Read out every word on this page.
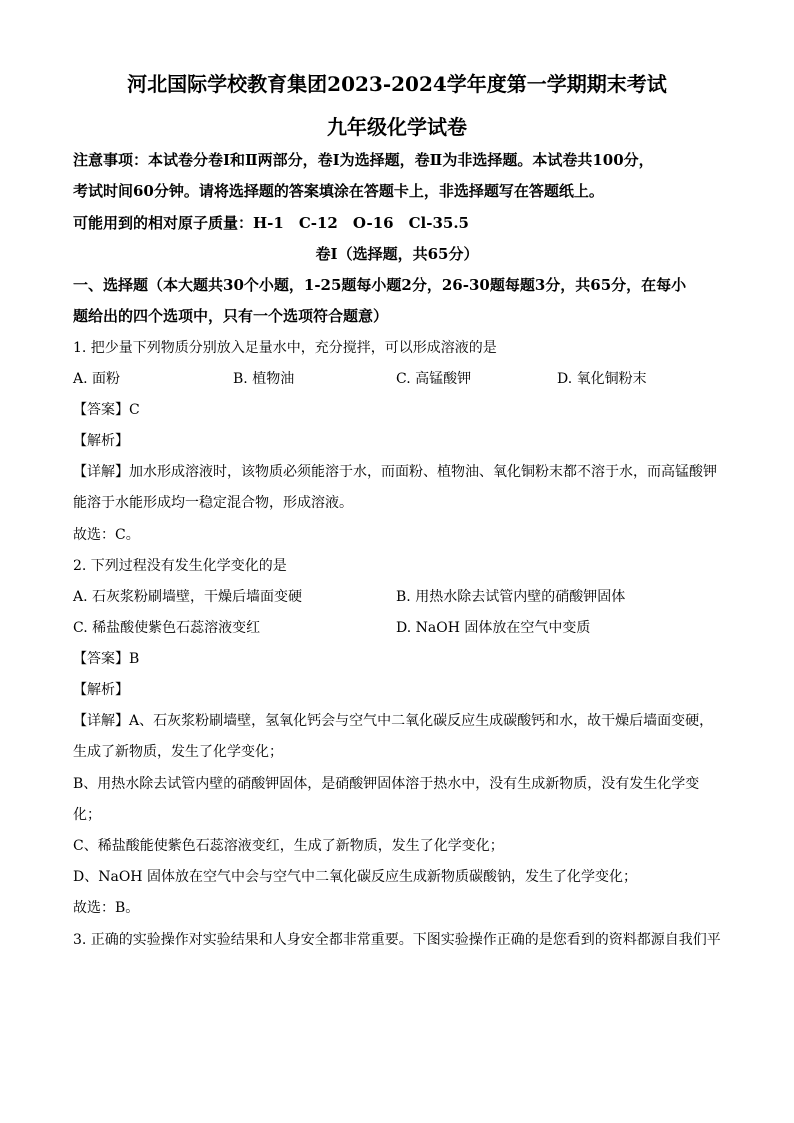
河北国际学校教育集团2023-2024学年度第一学期期末考试
九年级化学试卷
注意事项：本试卷分卷Ⅰ和Ⅱ两部分，卷Ⅰ为选择题，卷Ⅱ为非选择题。本试卷共100分，
考试时间60分钟。请将选择题的答案填涂在答题卡上，非选择题写在答题纸上。
可能用到的相对原子质量：H-1　C-12　O-16　Cl-35.5
卷Ⅰ（选择题，共65分）
一、选择题（本大题共30个小题，1-25题每小题2分，26-30题每题3分，共65分，在每小
题给出的四个选项中，只有一个选项符合题意）
1. 把少量下列物质分别放入足量水中，充分搅拌，可以形成溶液的是
A. 面粉	B. 植物油	C. 高锰酸钾	D. 氧化铜粉末
【答案】C
【解析】
【详解】加水形成溶液时，该物质必须能溶于水，而面粉、植物油、氧化铜粉末都不溶于水，而高锰酸钾
能溶于水能形成均一稳定混合物，形成溶液。
故选：C。
2. 下列过程没有发生化学变化的是
A. 石灰浆粉刷墙壁，干燥后墙面变硬	B. 用热水除去试管内壁的硝酸钾固体
C. 稀盐酸使紫色石蕊溶液变红	D. NaOH 固体放在空气中变质
【答案】B
【解析】
【详解】A、石灰浆粉刷墙壁，氢氧化钙会与空气中二氧化碳反应生成碳酸钙和水，故干燥后墙面变硬，
生成了新物质，发生了化学变化；
B、用热水除去试管内壁的硝酸钾固体，是硝酸钾固体溶于热水中，没有生成新物质，没有发生化学变
化；
C、稀盐酸能使紫色石蕊溶液变红，生成了新物质，发生了化学变化；
D、NaOH 固体放在空气中会与空气中二氧化碳反应生成新物质碳酸钠，发生了化学变化；
故选：B。
3. 正确的实验操作对实验结果和人身安全都非常重要。下图实验操作正确的是您看到的资料都源自我们平
